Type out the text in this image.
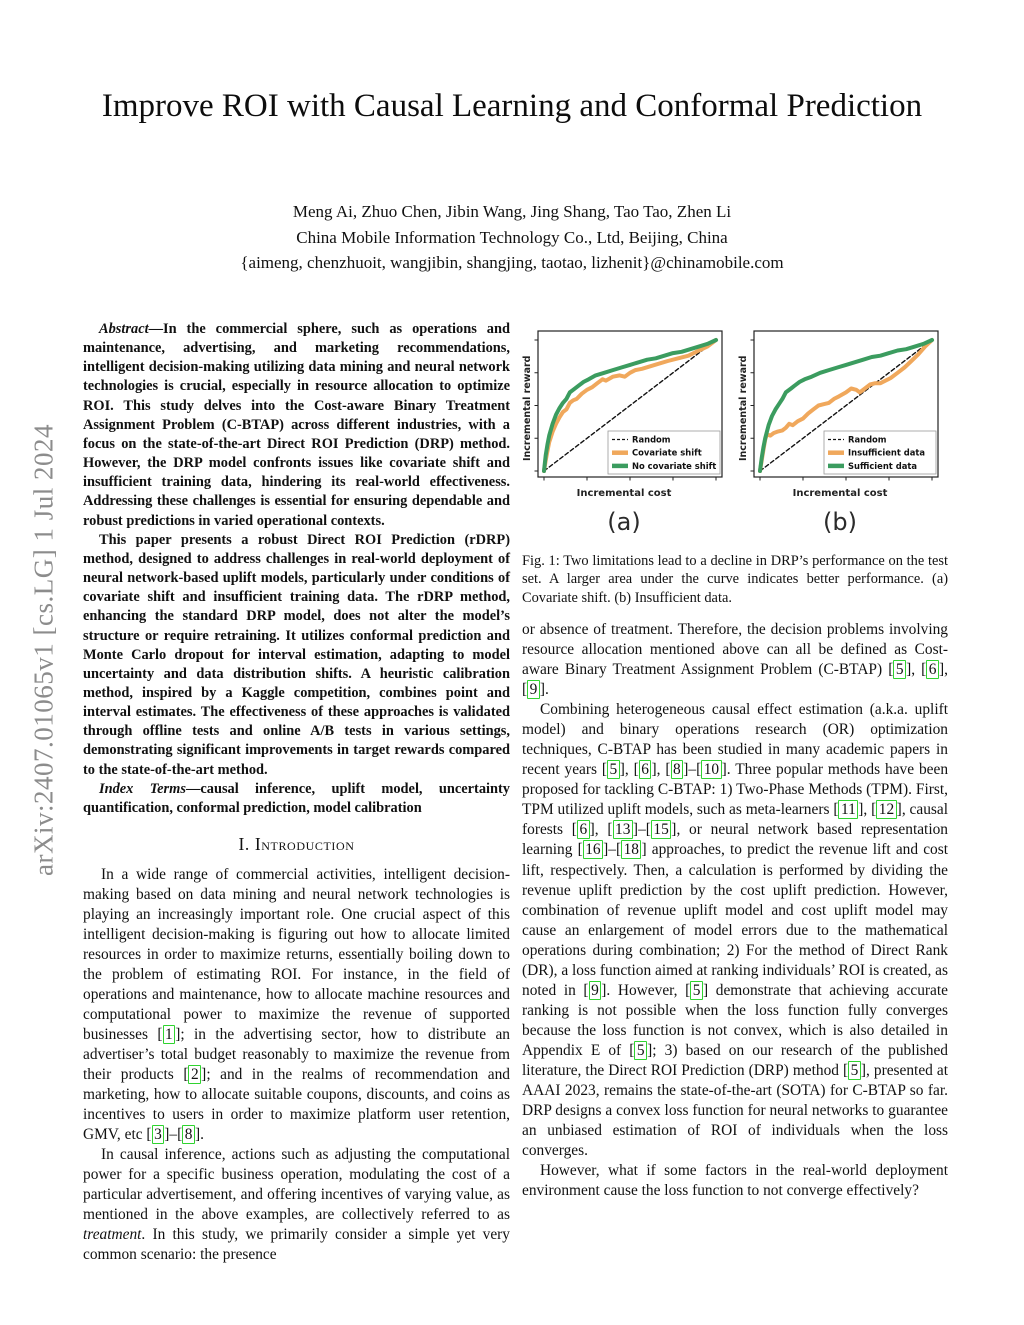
arXiv:2407.01065v1 [cs.LG] 1 Jul 2024
Improve ROI with Causal Learning and Conformal Prediction
Meng Ai, Zhuo Chen, Jibin Wang, Jing Shang, Tao Tao, Zhen Li
China Mobile Information Technology Co., Ltd, Beijing, China
{aimeng, chenzhuoit, wangjibin, shangjing, taotao, lizhenit}@chinamobile.com

Abstract—In the commercial sphere, such as operations and maintenance, advertising, and marketing recommendations, intelligent decision-making utilizing data mining and neural network technologies is crucial, especially in resource allocation to optimize ROI. This study delves into the Cost-aware Binary Treatment Assignment Problem (C-BTAP) across different industries, with a focus on the state-of-the-art Direct ROI Prediction (DRP) method. However, the DRP model confronts issues like covariate shift and insufficient training data, hindering its real-world effectiveness. Addressing these challenges is essential for ensuring dependable and robust predictions in varied operational contexts.

This paper presents a robust Direct ROI Prediction (rDRP) method, designed to address challenges in real-world deployment of neural network-based uplift models, particularly under conditions of covariate shift and insufficient training data. The rDRP method, enhancing the standard DRP model, does not alter the model’s structure or require retraining. It utilizes conformal prediction and Monte Carlo dropout for interval estimation, adapting to model uncertainty and data distribution shifts. A heuristic calibration method, inspired by a Kaggle competition, combines point and interval estimates. The effectiveness of these approaches is validated through offline tests and online A/B tests in various settings, demonstrating significant improvements in target rewards compared to the state-of-the-art method.

Index Terms—causal inference, uplift model, uncertainty quantification, conformal prediction, model calibration

I. Introduction

In a wide range of commercial activities, intelligent decision-making based on data mining and neural network technologies is playing an increasingly important role. One crucial aspect of this intelligent decision-making is figuring out how to allocate limited resources in order to maximize returns, essentially boiling down to the problem of estimating ROI. For instance, in the field of operations and maintenance, how to allocate machine resources and computational power to maximize the revenue of supported businesses [ 1 ]; in the advertising sector, how to distribute an advertiser’s total budget reasonably to maximize the revenue from their products [ 2 ]; and in the realms of recommendation and marketing, how to allocate suitable coupons, discounts, and coins as incentives to users in order to maximize platform user retention, GMV, etc [ 3 ]–[ 8 ].

In causal inference, actions such as adjusting the computational power for a specific business operation, modulating the cost of a particular advertisement, and offering incentives of varying value, as mentioned in the above examples, are collectively referred to as treatment. In this study, we primarily consider a simple yet very common scenario: the presence

Incremental reward	Random
Covariate shift
No covariate shift
Incremental cost
(a)
Incremental reward	Random
Insufficient data
Sufficient data
Incremental cost
(b)

Fig. 1: Two limitations lead to a decline in DRP’s performance on the test set. A larger area under the curve indicates better performance. (a) Covariate shift. (b) Insufficient data.

or absence of treatment. Therefore, the decision problems involving resource allocation mentioned above can all be defined as Cost-aware Binary Treatment Assignment Problem (C-BTAP) [ 5 ], [ 6 ], [ 9 ].

Combining heterogeneous causal effect estimation (a.k.a. uplift model) and binary operations research (OR) optimization techniques, C-BTAP has been studied in many academic papers in recent years [ 5 ], [ 6 ], [ 8 ]–[ 10 ]. Three popular methods have been proposed for tackling C-BTAP: 1) Two-Phase Methods (TPM). First, TPM utilized uplift models, such as meta-learners [ 11 ], [ 12 ], causal forests [ 6 ], [ 13 ]–[ 15 ], or neural network based representation learning [ 16 ]–[ 18 ] approaches, to predict the revenue lift and cost lift, respectively. Then, a calculation is performed by dividing the revenue uplift prediction by the cost uplift prediction. However, combination of revenue uplift model and cost uplift model may cause an enlargement of model errors due to the mathematical operations during combination; 2) For the method of Direct Rank (DR), a loss function aimed at ranking individuals’ ROI is created, as noted in [ 9 ]. However, [ 5 ] demonstrate that achieving accurate ranking is not possible when the loss function fully converges because the loss function is not convex, which is also detailed in Appendix E of [ 5 ]; 3) based on our research of the published literature, the Direct ROI Prediction (DRP) method [ 5 ], presented at AAAI 2023, remains the state-of-the-art (SOTA) for C-BTAP so far. DRP designs a convex loss function for neural networks to guarantee an unbiased estimation of ROI of individuals when the loss converges.

However, what if some factors in the real-world deployment environment cause the loss function to not converge effectively?
